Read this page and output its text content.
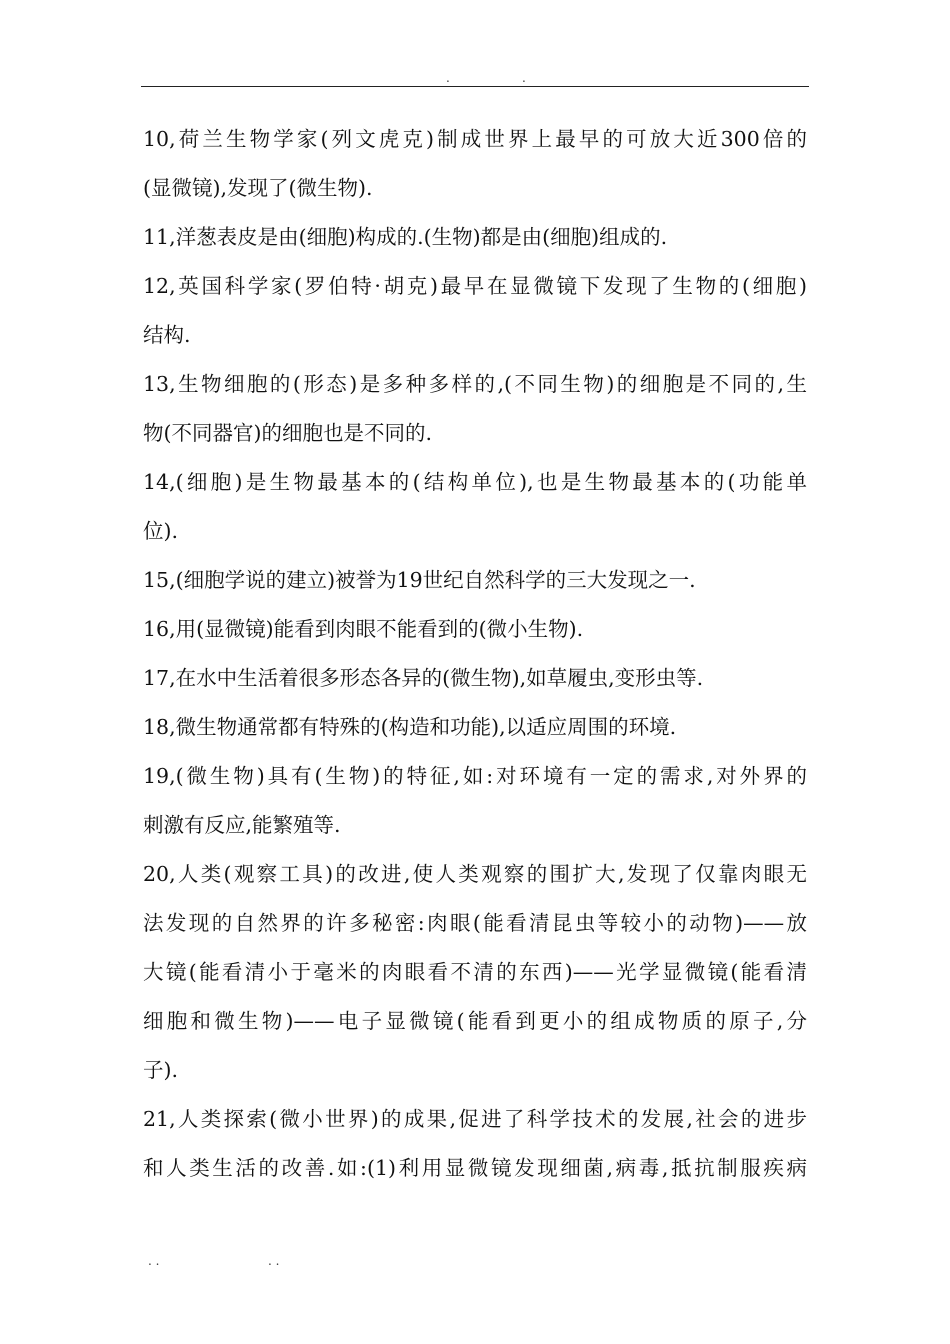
.	.
10,荷兰生物学家(列文虎克)制成世界上最早的可放大近300倍的
(显微镜),发现了(微生物).
11,洋葱表皮是由(细胞)构成的.(生物)都是由(细胞)组成的.
12,英国科学家(罗伯特·胡克)最早在显微镜下发现了生物的(细胞)
结构.
13,生物细胞的(形态)是多种多样的,(不同生物)的细胞是不同的,生
物(不同器官)的细胞也是不同的.
14,(细胞)是生物最基本的(结构单位),也是生物最基本的(功能单
位).
15,(细胞学说的建立)被誉为19世纪自然科学的三大发现之一.
16,用(显微镜)能看到肉眼不能看到的(微小生物).
17,在水中生活着很多形态各异的(微生物),如草履虫,变形虫等.
18,微生物通常都有特殊的(构造和功能),以适应周围的环境.
19,(微生物)具有(生物)的特征,如:对环境有一定的需求,对外界的
刺激有反应,能繁殖等.
20,人类(观察工具)的改进,使人类观察的围扩大,发现了仅靠肉眼无
法发现的自然界的许多秘密:肉眼(能看清昆虫等较小的动物)——放
大镜(能看清小于毫米的肉眼看不清的东西)——光学显微镜(能看清
细胞和微生物)——电子显微镜(能看到更小的组成物质的原子,分
子).
21,人类探索(微小世界)的成果,促进了科学技术的发展,社会的进步
和人类生活的改善.如:(1)利用显微镜发现细菌,病毒,抵抗制服疾病
. .	. .
